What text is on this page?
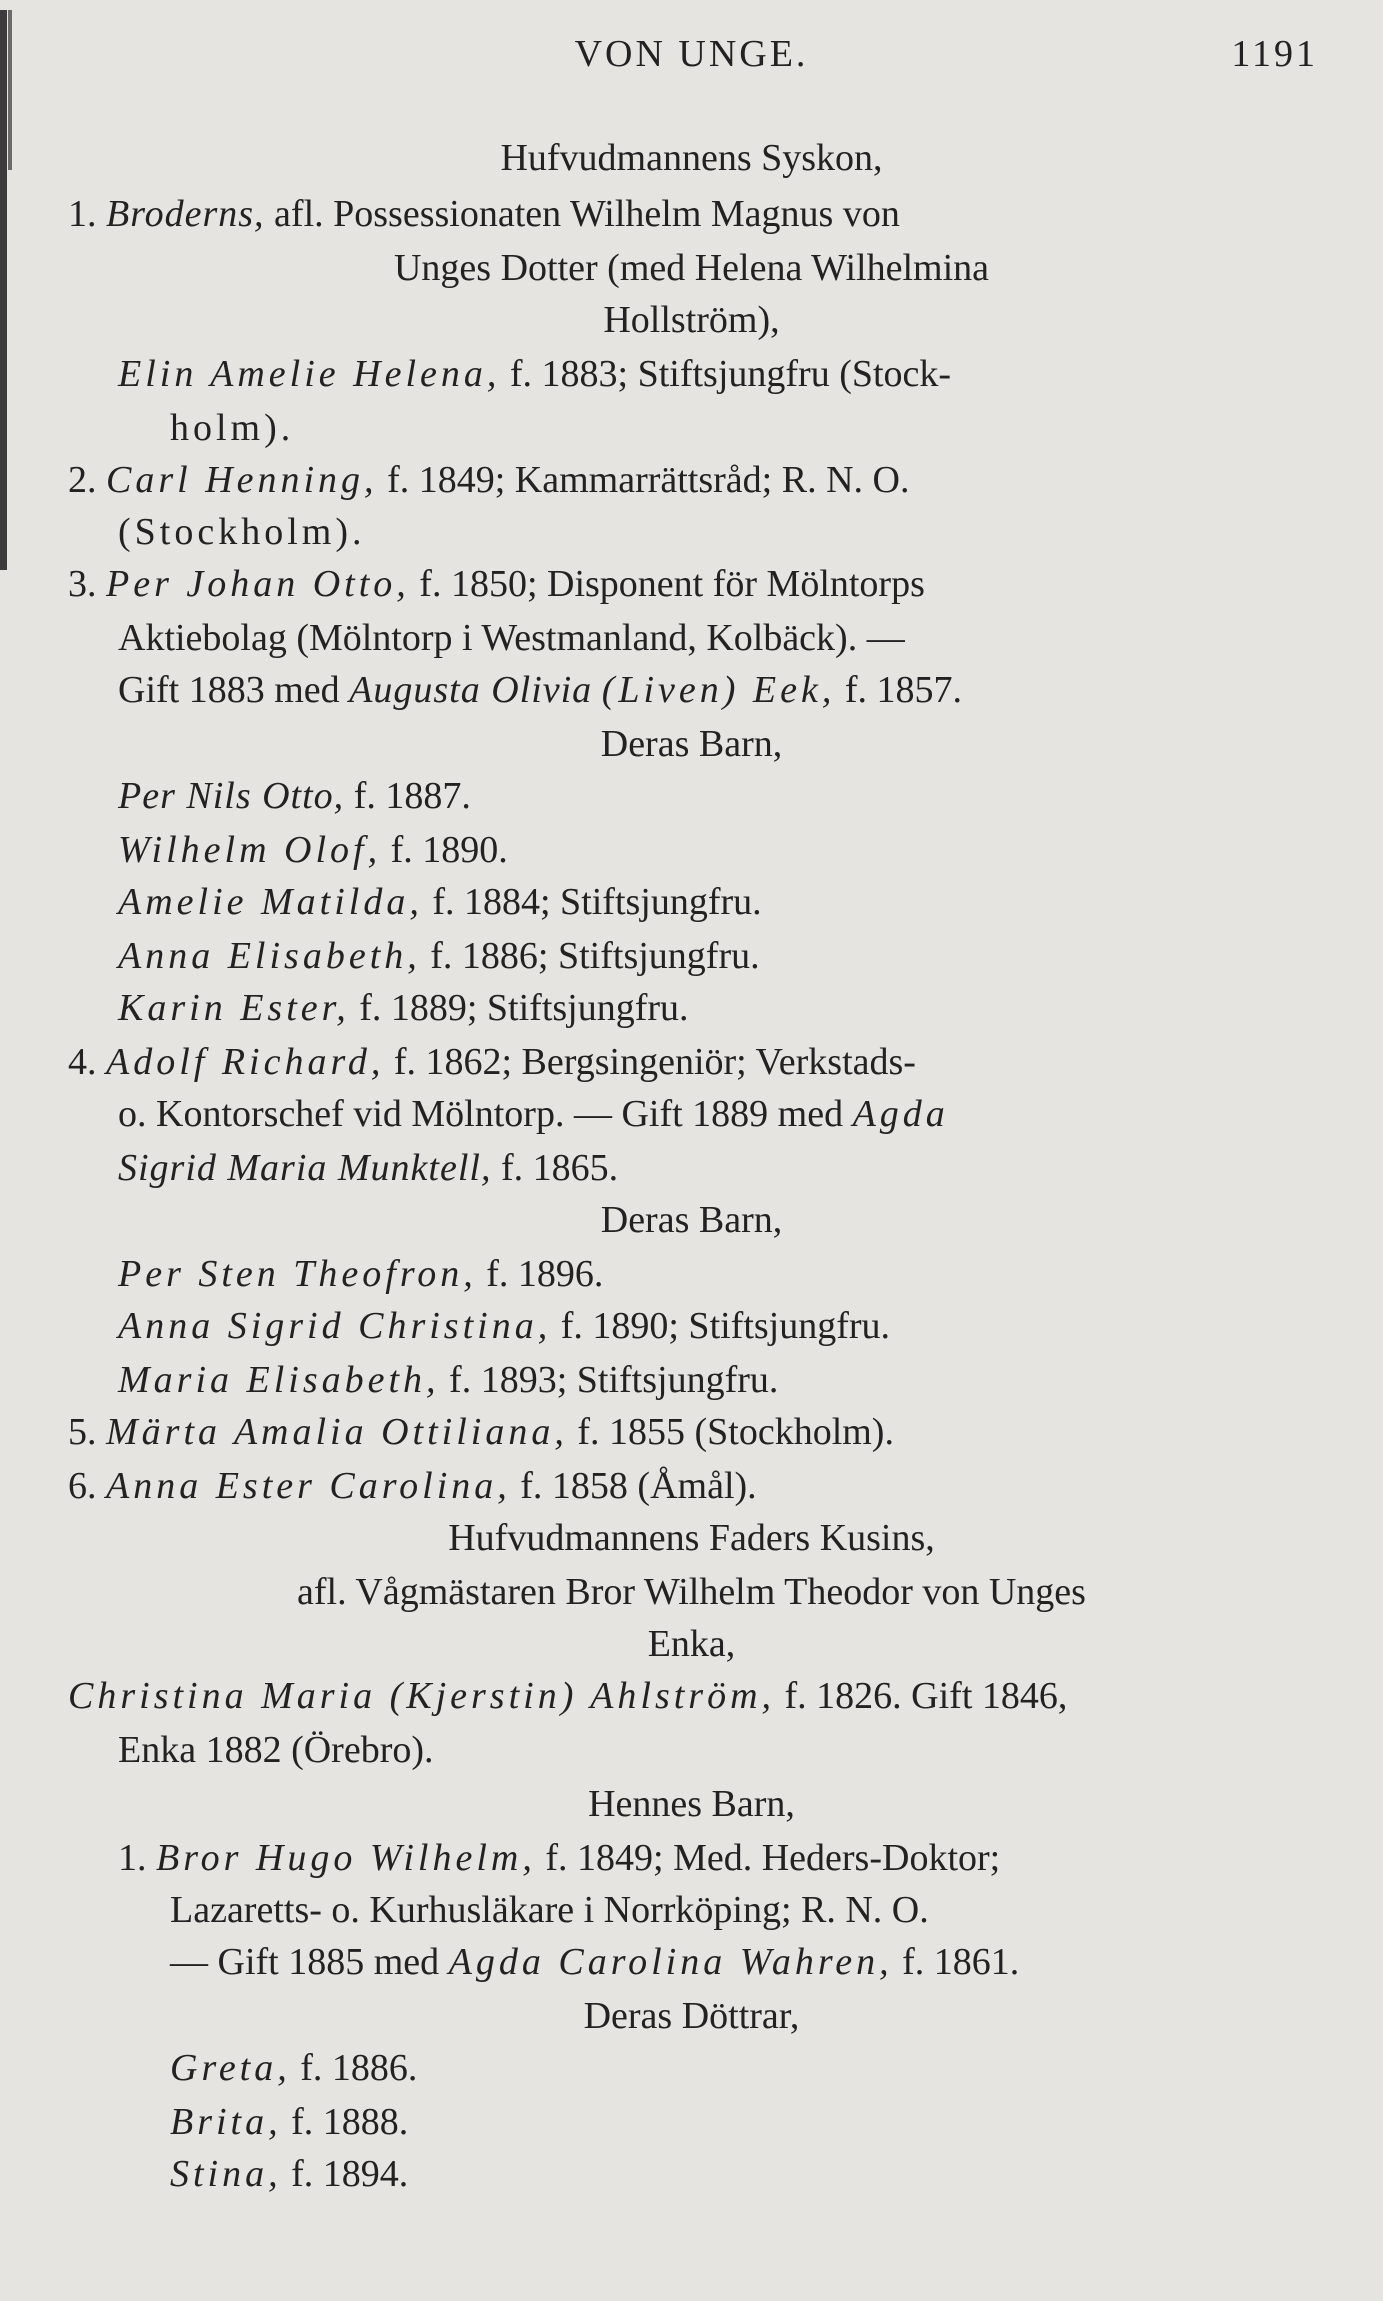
VON UNGE.	1191
Hufvudmannens Syskon,
1. Broderns, afl. Possessionaten Wilhelm Magnus von
Unges Dotter (med Helena Wilhelmina
Hollström),
Elin Amelie Helena, f. 1883; Stiftsjungfru (Stock-
holm).
2. Carl Henning, f. 1849; Kammarrättsråd; R. N. O.
(Stockholm).
3. Per Johan Otto, f. 1850; Disponent för Mölntorps
Aktiebolag (Mölntorp i Westmanland, Kolbäck). —
Gift 1883 med Augusta Olivia (Liven) Eek, f. 1857.
Deras Barn,
Per Nils Otto, f. 1887.
Wilhelm Olof, f. 1890.
Amelie Matilda, f. 1884; Stiftsjungfru.
Anna Elisabeth, f. 1886; Stiftsjungfru.
Karin Ester, f. 1889; Stiftsjungfru.
4. Adolf Richard, f. 1862; Bergsingeniör; Verkstads-
o. Kontorschef vid Mölntorp. — Gift 1889 med Agda
Sigrid Maria Munktell, f. 1865.
Deras Barn,
Per Sten Theofron, f. 1896.
Anna Sigrid Christina, f. 1890; Stiftsjungfru.
Maria Elisabeth, f. 1893; Stiftsjungfru.
5. Märta Amalia Ottiliana, f. 1855 (Stockholm).
6. Anna Ester Carolina, f. 1858 (Åmål).
Hufvudmannens Faders Kusins,
afl. Vågmästaren Bror Wilhelm Theodor von Unges
Enka,
Christina Maria (Kjerstin) Ahlström, f. 1826. Gift 1846,
Enka 1882 (Örebro).
Hennes Barn,
1. Bror Hugo Wilhelm, f. 1849; Med. Heders-Doktor;
Lazaretts- o. Kurhusläkare i Norrköping; R. N. O.
— Gift 1885 med Agda Carolina Wahren, f. 1861.
Deras Döttrar,
Greta, f. 1886.
Brita, f. 1888.
Stina, f. 1894.
